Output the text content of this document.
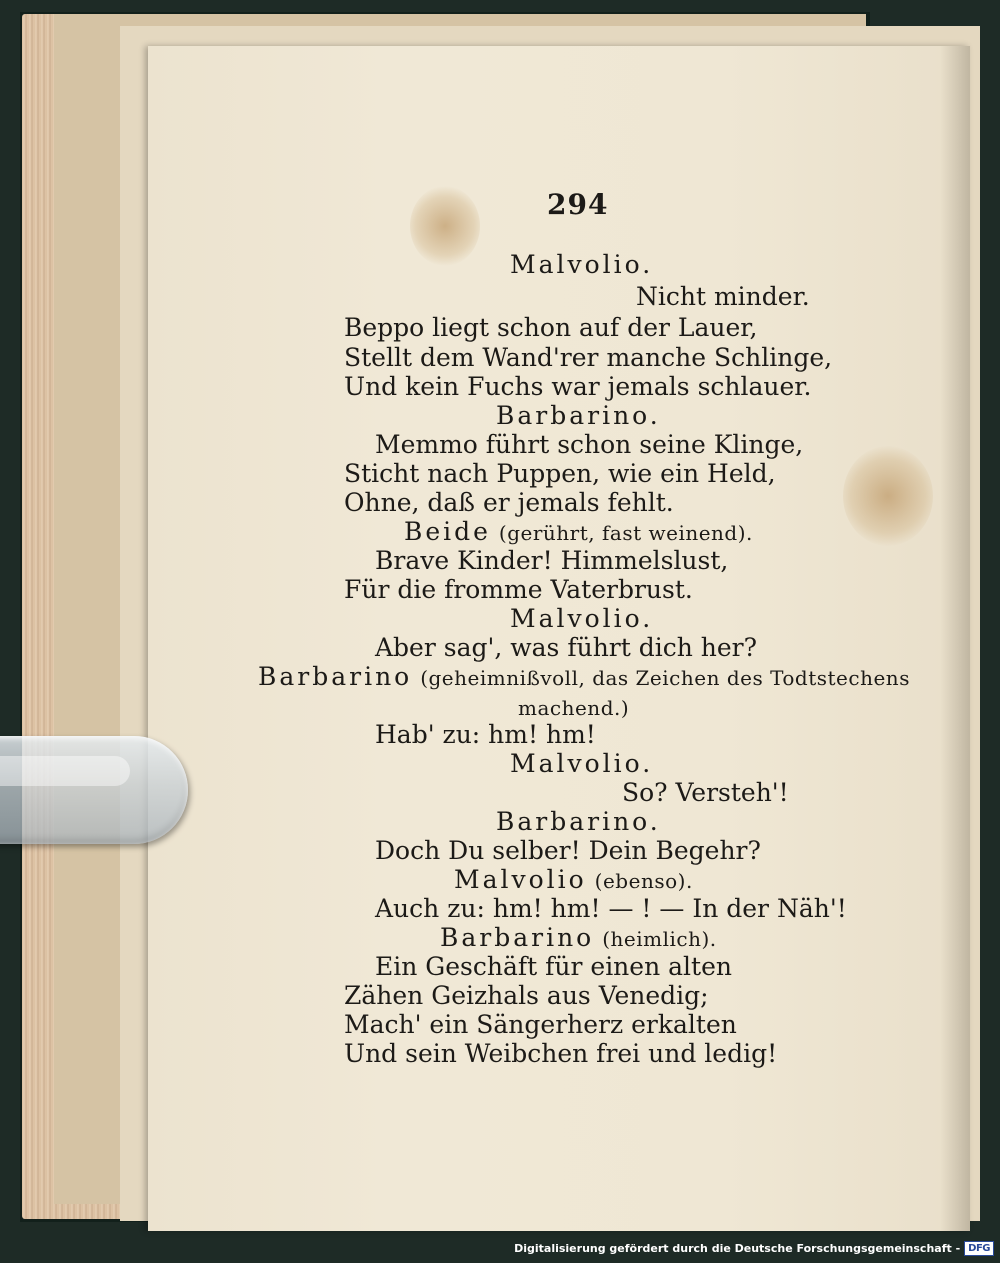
294
Malvolio.
Nicht minder.
Beppo liegt schon auf der Lauer,
Stellt dem Wand'rer manche Schlinge,
Und kein Fuchs war jemals schlauer.
Barbarino.
Memmo führt schon seine Klinge,
Sticht nach Puppen, wie ein Held,
Ohne, daß er jemals fehlt.
Beide (gerührt, fast weinend).
Brave Kinder! Himmelslust,
Für die fromme Vaterbrust.
Malvolio.
Aber sag', was führt dich her?
Barbarino (geheimnißvoll, das Zeichen des Todtstechens
machend.)
Hab' zu: hm! hm!
Malvolio.
So? Versteh'!
Barbarino.
Doch Du selber! Dein Begehr?
Malvolio (ebenso).
Auch zu: hm! hm! — ! — In der Näh'!
Barbarino (heimlich).
Ein Geschäft für einen alten
Zähen Geizhals aus Venedig;
Mach' ein Sängerherz erkalten
Und sein Weibchen frei und ledig!
Digitalisierung gefördert durch die Deutsche Forschungsgemeinschaft - DFG
